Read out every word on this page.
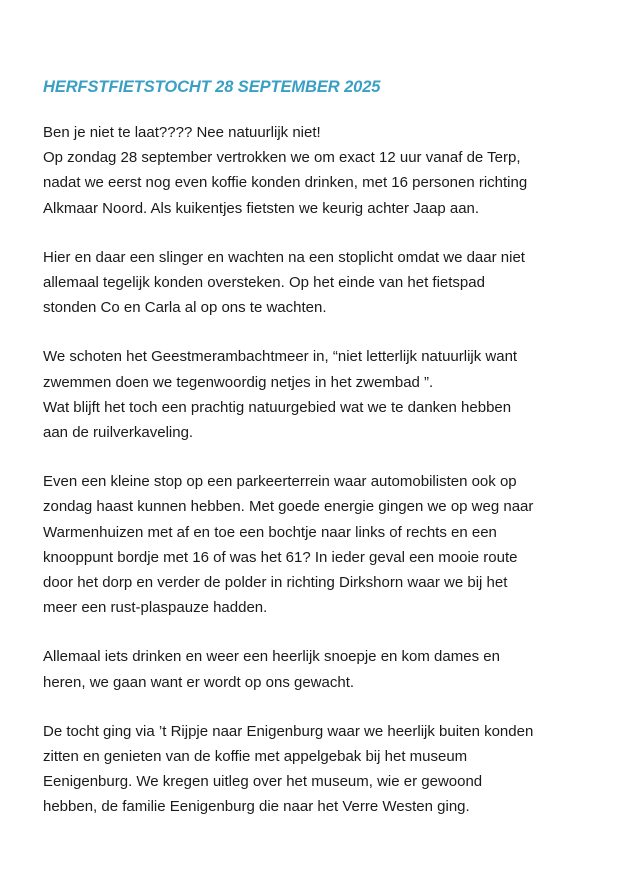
HERFSTFIETSTOCHT 28 SEPTEMBER 2025
Ben je niet te laat???? Nee natuurlijk niet!
Op zondag 28 september vertrokken we om exact 12 uur vanaf de Terp,
nadat we eerst nog even koffie konden drinken, met 16 personen richting
Alkmaar Noord. Als kuikentjes fietsten we keurig achter Jaap aan.
Hier en daar een slinger en wachten na een stoplicht omdat we daar niet
allemaal tegelijk konden oversteken. Op het einde van het fietspad
stonden Co en Carla al op ons te wachten.
We schoten het Geestmerambachtmeer in, “niet letterlijk natuurlijk want
zwemmen doen we tegenwoordig netjes in het zwembad ”.
Wat blijft het toch een prachtig natuurgebied wat we te danken hebben
aan de ruilverkaveling.
Even een kleine stop op een parkeerterrein waar automobilisten ook op
zondag haast kunnen hebben. Met goede energie gingen we op weg naar
Warmenhuizen met af en toe een bochtje naar links of rechts en een
knooppunt bordje met 16 of was het 61? In ieder geval een mooie route
door het dorp en verder de polder in richting Dirkshorn waar we bij het
meer een rust-plaspauze hadden.
Allemaal iets drinken en weer een heerlijk snoepje en kom dames en
heren, we gaan want er wordt op ons gewacht.
De tocht ging via ’t Rijpje naar Enigenburg waar we heerlijk buiten konden
zitten en genieten van de koffie met appelgebak bij het museum
Eenigenburg. We kregen uitleg over het museum, wie er gewoond
hebben, de familie Eenigenburg die naar het Verre Westen ging.
